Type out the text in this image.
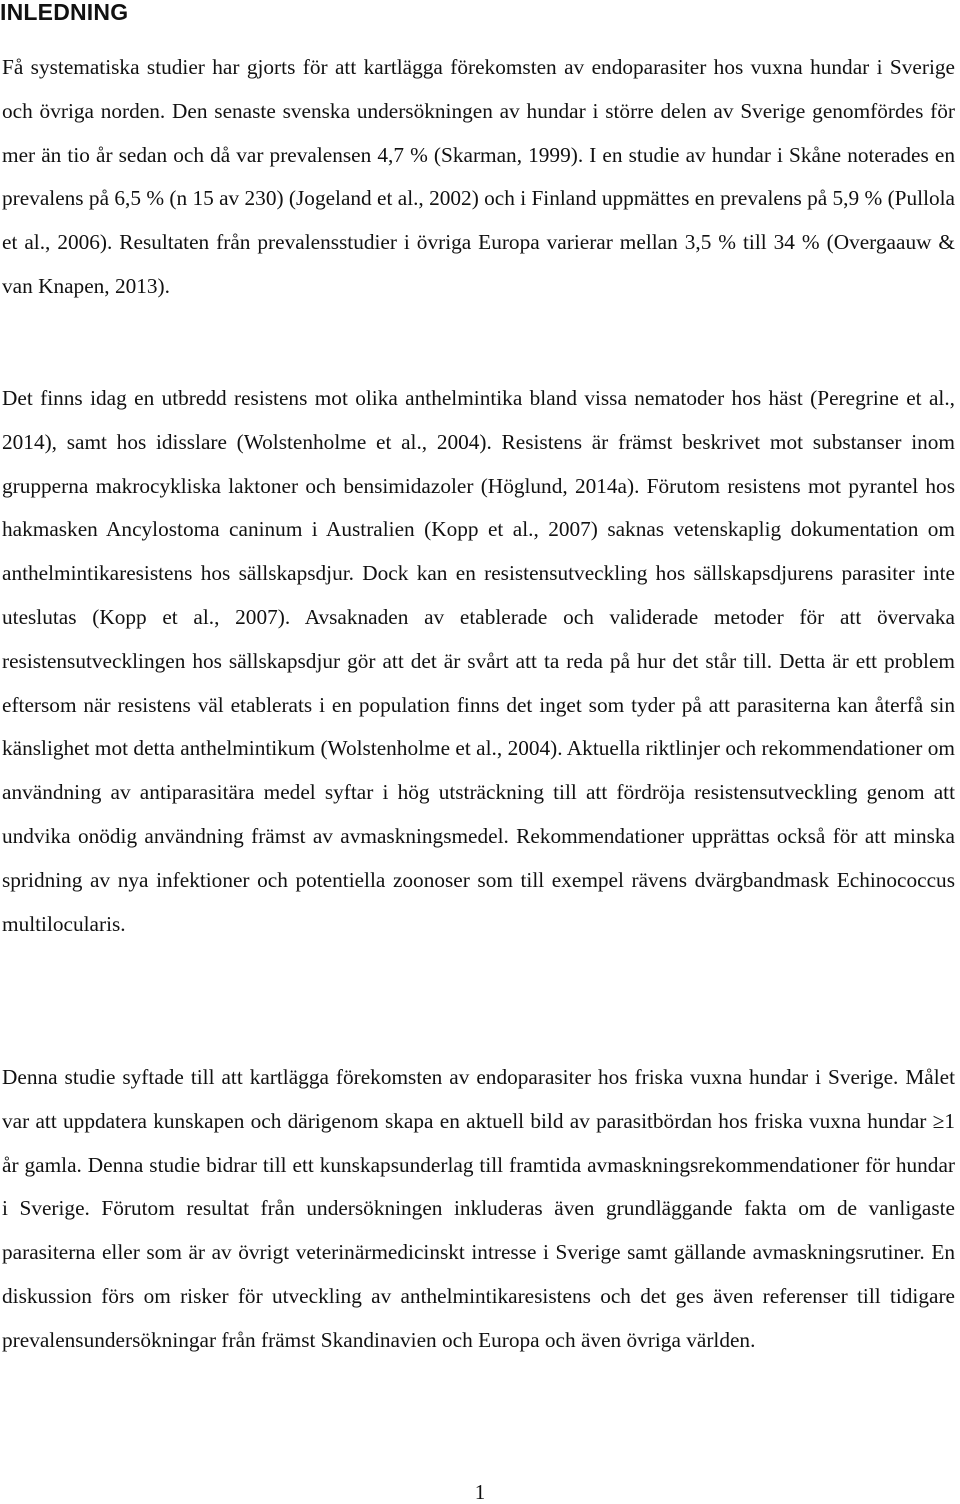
INLEDNING

Få systematiska studier har gjorts för att kartlägga förekomsten av endoparasiter hos vuxna hundar i Sverige och övriga norden. Den senaste svenska undersökningen av hundar i större delen av Sverige genomfördes för mer än tio år sedan och då var prevalensen 4,7 % (Skarman, 1999). I en studie av hundar i Skåne noterades en prevalens på 6,5 % (n 15 av 230) (Jogeland et al., 2002) och i Finland uppmättes en prevalens på 5,9 % (Pullola et al., 2006). Resultaten från prevalensstudier i övriga Europa varierar mellan 3,5 % till 34 % (Overgaauw & van Knapen, 2013).

Det finns idag en utbredd resistens mot olika anthelmintika bland vissa nematoder hos häst (Peregrine et al., 2014), samt hos idisslare (Wolstenholme et al., 2004). Resistens är främst beskrivet mot substanser inom grupperna makrocykliska laktoner och bensimidazoler (Höglund, 2014a). Förutom resistens mot pyrantel hos hakmasken Ancylostoma caninum i Australien (Kopp et al., 2007) saknas vetenskaplig dokumentation om anthelmintikaresistens hos sällskapsdjur. Dock kan en resistensutveckling hos sällskapsdjurens parasiter inte uteslutas (Kopp et al., 2007). Avsaknaden av etablerade och validerade metoder för att övervaka resistensutvecklingen hos sällskapsdjur gör att det är svårt att ta reda på hur det står till. Detta är ett problem eftersom när resistens väl etablerats i en population finns det inget som tyder på att parasiterna kan återfå sin känslighet mot detta anthelmintikum (Wolstenholme et al., 2004). Aktuella riktlinjer och rekommendationer om användning av antiparasitära medel syftar i hög utsträckning till att fördröja resistensutveckling genom att undvika onödig användning främst av avmaskningsmedel. Rekommendationer upprättas också för att minska spridning av nya infektioner och potentiella zoonoser som till exempel rävens dvärgbandmask Echinococcus multilocularis.

Denna studie syftade till att kartlägga förekomsten av endoparasiter hos friska vuxna hundar i Sverige. Målet var att uppdatera kunskapen och därigenom skapa en aktuell bild av parasitbördan hos friska vuxna hundar ≥1 år gamla. Denna studie bidrar till ett kunskapsunderlag till framtida avmaskningsrekommendationer för hundar i Sverige. Förutom resultat från undersökningen inkluderas även grundläggande fakta om de vanligaste parasiterna eller som är av övrigt veterinärmedicinskt intresse i Sverige samt gällande avmaskningsrutiner. En diskussion förs om risker för utveckling av anthelmintikaresistens och det ges även referenser till tidigare prevalensundersökningar från främst Skandinavien och Europa och även övriga världen.

1
